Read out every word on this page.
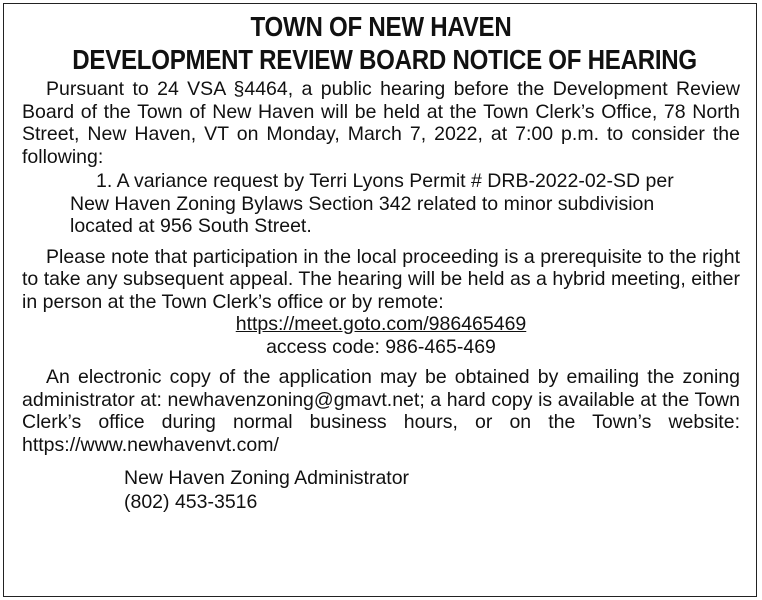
TOWN OF NEW HAVEN
DEVELOPMENT REVIEW BOARD NOTICE OF HEARING

Pursuant to 24 VSA §4464, a public hearing before the Development Review Board of the Town of New Haven will be held at the Town Clerk’s Office, 78 North Street, New Haven, VT on Monday, March 7, 2022, at 7:00 p.m. to consider the following:

1. A variance request by Terri Lyons Permit # DRB-2022-02-SD per New Haven Zoning Bylaws Section 342 related to minor subdivision located at 956 South Street.

Please note that participation in the local proceeding is a prerequisite to the right to take any subsequent appeal. The hearing will be held as a hybrid meeting, either in person at the Town Clerk’s office or by remote:

https://meet.goto.com/986465469

access code: 986-465-469

An electronic copy of the application may be obtained by emailing the zoning administrator at: newhavenzoning@gmavt.net; a hard copy is available at the Town Clerk’s office during normal business hours, or on the Town’s website: https://www.newhavenvt.com/

New Haven Zoning Administrator
(802) 453-3516
